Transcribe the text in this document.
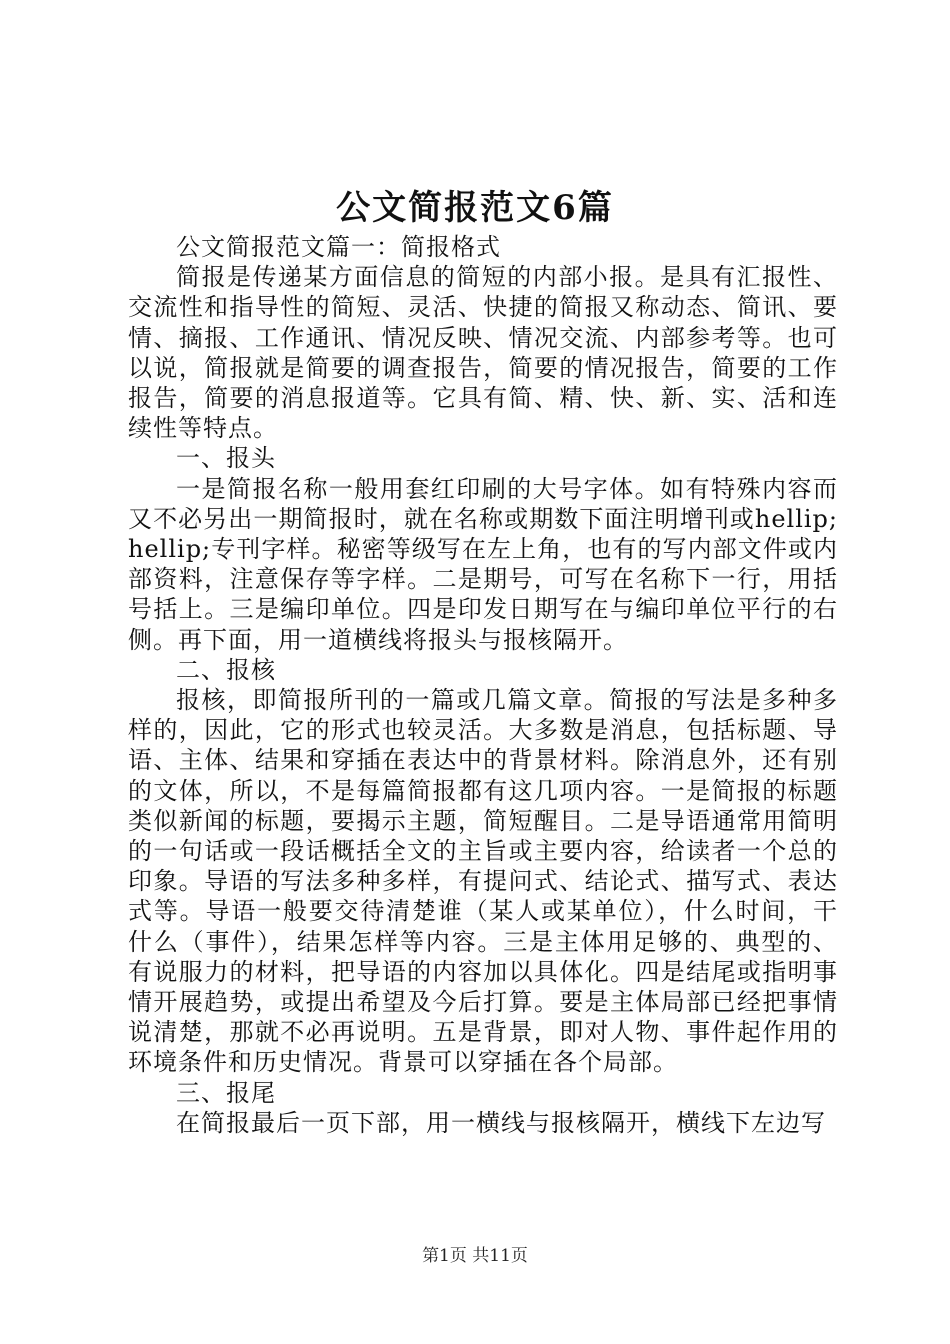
公文简报范文6篇

公文简报范文篇一：简报格式

简报是传递某方面信息的简短的内部小报。是具有汇报性、交流性和指导性的简短、灵活、快捷的简报又称动态、简讯、要情、摘报、工作通讯、情况反映、情况交流、内部参考等。也可以说，简报就是简要的调查报告，简要的情况报告，简要的工作报告，简要的消息报道等。它具有简、精、快、新、实、活和连续性等特点。

一、报头

一是简报名称一般用套红印刷的大号字体。如有特殊内容而又不必另出一期简报时，就在名称或期数下面注明增刊或hellip;hellip;专刊字样。秘密等级写在左上角，也有的写内部文件或内部资料，注意保存等字样。二是期号，可写在名称下一行，用括号括上。三是编印单位。四是印发日期写在与编印单位平行的右侧。再下面，用一道横线将报头与报核隔开。

二、报核

报核，即简报所刊的一篇或几篇文章。简报的写法是多种多样的，因此，它的形式也较灵活。大多数是消息，包括标题、导语、主体、结果和穿插在表达中的背景材料。除消息外，还有别的文体，所以，不是每篇简报都有这几项内容。一是简报的标题类似新闻的标题，要揭示主题，简短醒目。二是导语通常用简明的一句话或一段话概括全文的主旨或主要内容，给读者一个总的印象。导语的写法多种多样，有提问式、结论式、描写式、表达式等。导语一般要交待清楚谁（某人或某单位），什么时间，干什么（事件），结果怎样等内容。三是主体用足够的、典型的、有说服力的材料，把导语的内容加以具体化。四是结尾或指明事情开展趋势，或提出希望及今后打算。要是主体局部已经把事情说清楚，那就不必再说明。五是背景，即对人物、事件起作用的环境条件和历史情况。背景可以穿插在各个局部。

三、报尾

在简报最后一页下部，用一横线与报核隔开，横线下左边写

第1页 共11页
